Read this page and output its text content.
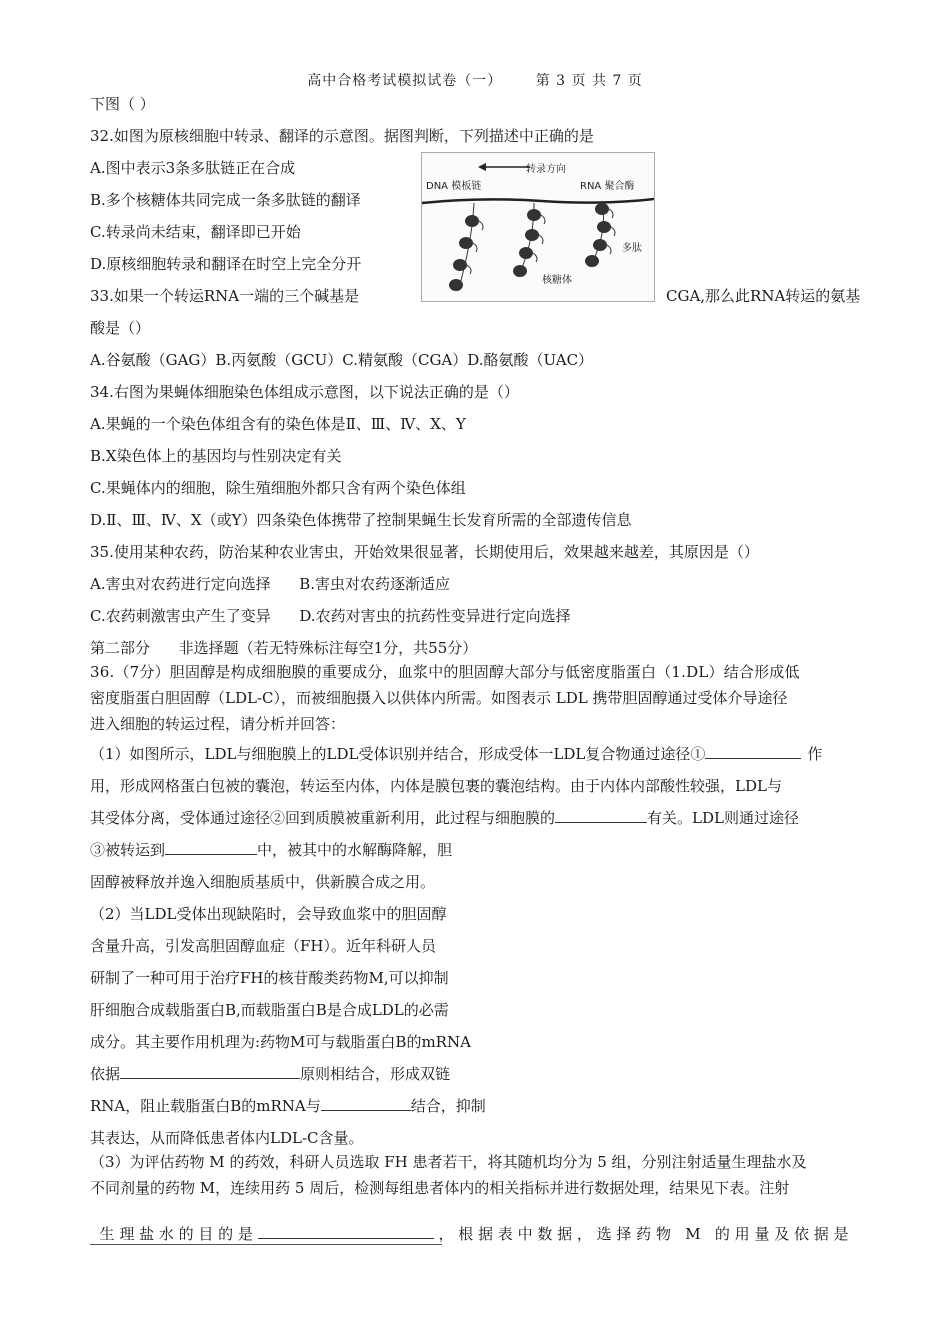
高中合格考试模拟试卷（一） 第 3 页 共 7 页
下图（ ）
32.如图为原核细胞中转录、翻译的示意图。据图判断，下列描述中正确的是
A.图中表示3条多肽链正在合成
B.多个核糖体共同完成一条多肽链的翻译
C.转录尚未结束，翻译即已开始
D.原核细胞转录和翻译在时空上完全分开
转录方向
DNA 模板链	RNA 聚合酶
多肽
核糖体
33.如果一个转运RNA一端的三个碱基是	CGA,那么此RNA转运的氨基
酸是（）
A.谷氨酸（GAG）B.丙氨酸（GCU）C.精氨酸（CGA）D.酪氨酸（UAC）
34.右图为果蝇体细胞染色体组成示意图，以下说法正确的是（）
A.果蝇的一个染色体组含有的染色体是Ⅱ、Ⅲ、Ⅳ、X、Y
B.X染色体上的基因均与性别决定有关
C.果蝇体内的细胞，除生殖细胞外都只含有两个染色体组
D.Ⅱ、Ⅲ、Ⅳ、X（或Y）四条染色体携带了控制果蝇生长发育所需的全部遗传信息
35.使用某种农药，防治某种农业害虫，开始效果很显著，长期使用后，效果越来越差，其原因是（）
A.害虫对农药进行定向选择      B.害虫对农药逐渐适应
C.农药刺激害虫产生了变异      D.农药对害虫的抗药性变异进行定向选择
第二部分      非选择题（若无特殊标注每空1分，共55分）
36.（7分）胆固醇是构成细胞膜的重要成分，血浆中的胆固醇大部分与低密度脂蛋白（1.DL）结合形成低
密度脂蛋白胆固醇（LDL-C），而被细胞摄入以供体内所需。如图表示 LDL 携带胆固醇通过受体介导途径
进入细胞的转运过程，请分析并回答：
（1）如图所示，LDL与细胞膜上的LDL受体识别并结合，形成受体一LDL复合物通过途径①	作
用，形成网格蛋白包被的囊泡，转运至内体，内体是膜包裹的囊泡结构。由于内体内部酸性较强，LDL与
其受体分离，受体通过途径②回到质膜被重新利用，此过程与细胞膜的	有关。LDL则通过途径
③被转运到	中，被其中的水解酶降解，胆
固醇被释放并逸入细胞质基质中，供新膜合成之用。
（2）当LDL受体出现缺陷时，会导致血浆中的胆固醇
含量升高，引发高胆固醇血症（FH）。近年科研人员
研制了一种可用于治疗FH的核苷酸类药物M,可以抑制
肝细胞合成载脂蛋白B,而载脂蛋白B是合成LDL的必需
成分。其主要作用机理为:药物M可与载脂蛋白B的mRNA
依据	原则相结合，形成双链
RNA，阻止载脂蛋白B的mRNA与	结合，抑制
其表达，从而降低患者体内LDL-C含量。
（3）为评估药物 M 的药效，科研人员选取 FH 患者若干，将其随机均分为 5 组，分别注射适量生理盐水及
不同剂量的药物 M，连续用药 5 周后，检测每组患者体内的相关指标并进行数据处理，结果见下表。注射

生 理 盐 水 的 目 的 是	， 根 据 表 中 数 据 ， 选 择 药 物   M   的 用 量 及 依 据 是
